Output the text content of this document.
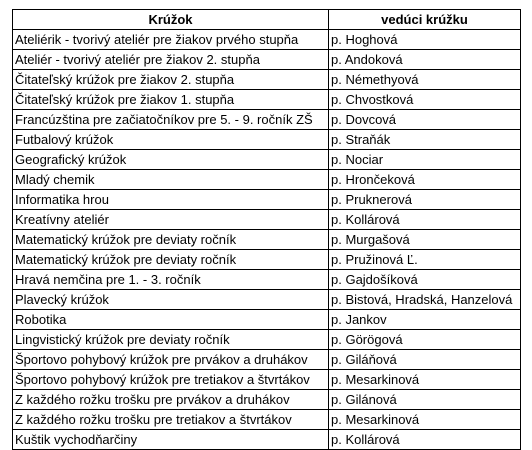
Krúžok	vedúci krúžku
Ateliérik - tvorivý ateliér pre žiakov prvého stupňa	p. Hoghová
Ateliér - tvorivý ateliér pre žiakov 2. stupňa	p. Andoková
Čitateľský krúžok pre žiakov 2. stupňa	p. Némethyová
Čitateľský krúžok pre žiakov 1. stupňa	p. Chvostková
Francúzština pre začiatočníkov pre 5. - 9. ročník ZŠ	p. Dovcová
Futbalový krúžok	p. Straňák
Geografický krúžok	p. Nociar
Mladý chemik	p. Hrončeková
Informatika hrou	p. Pruknerová
Kreatívny ateliér	p. Kollárová
Matematický krúžok pre deviaty ročník	p. Murgašová
Matematický krúžok pre deviaty ročník	p. Pružinová Ľ.
Hravá nemčina pre 1. - 3. ročník	p. Gajdošíková
Plavecký krúžok	p. Bistová, Hradská, Hanzelová
Robotika	p. Jankov
Lingvistický krúžok pre deviaty ročník	p. Görögová
Športovo pohybový krúžok pre prvákov a druhákov	p. Giláňová
Športovo pohybový krúžok pre tretiakov a štvrtákov	p. Mesarkinová
Z každého rožku trošku pre prvákov a druhákov	p. Gilánová
Z každého rožku trošku pre tretiakov a štvrtákov	p. Mesarkinová
Kuštik vychodňarčiny	p. Kollárová
